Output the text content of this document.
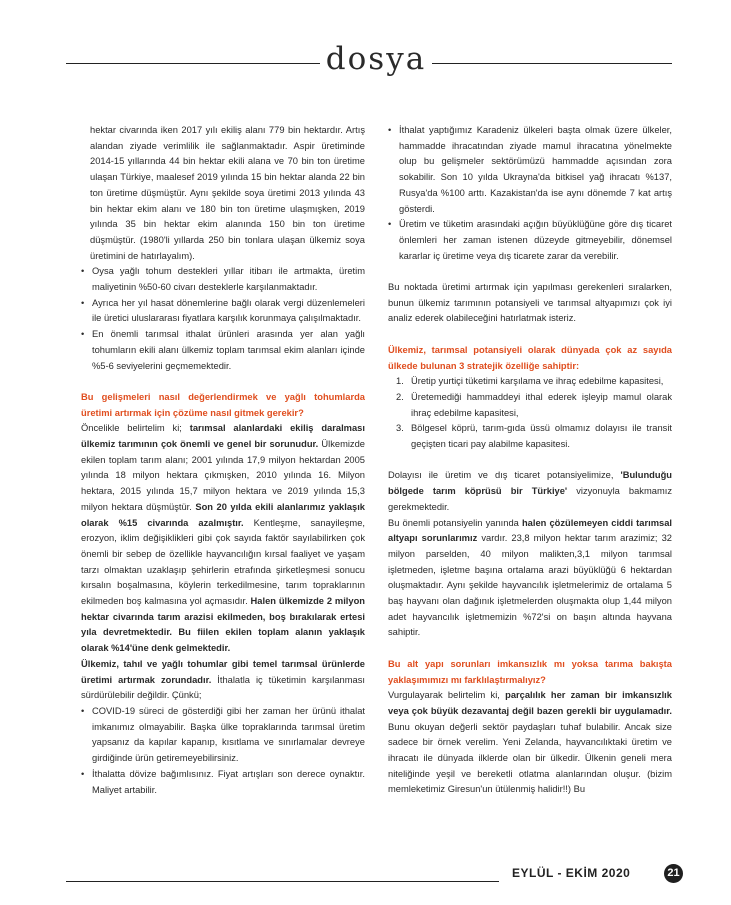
dosya

hektar civarında iken 2017 yılı ekiliş alanı 779 bin hektardır. Artış alandan ziyade verimlilik ile sağlanmaktadır. Aspir üretiminde 2014-15 yıllarında 44 bin hektar ekili alana ve 70 bin ton üretime ulaşan Türkiye, maalesef 2019 yılında 15 bin hektar alanda 22 bin ton üretime düşmüştür. Aynı şekilde soya üretimi 2013 yılında 43 bin hektar ekim alanı ve 180 bin ton üretime ulaşmışken, 2019 yılında 35 bin hektar ekim alanında 150 bin ton üretime düşmüştür. (1980'li yıllarda 250 bin tonlara ulaşan ülkemiz soya üretimini de hatırlayalım).

• Oysa yağlı tohum destekleri yıllar itibarı ile artmakta, üretim maliyetinin %50-60 civarı desteklerle karşılanmaktadır.
• Ayrıca her yıl hasat dönemlerine bağlı olarak vergi düzenlemeleri ile üretici uluslararası fiyatlara karşılık korunmaya çalışılmaktadır.
• En önemli tarımsal ithalat ürünleri arasında yer alan yağlı tohumların ekili alanı ülkemiz toplam tarımsal ekim alanları içinde %5-6 seviyelerini geçmemektedir.

Bu gelişmeleri nasıl değerlendirmek ve yağlı tohumlarda üretimi artırmak için çözüme nasıl gitmek gerekir?

Öncelikle belirtelim ki; tarımsal alanlardaki ekiliş daralması ülkemiz tarımının çok önemli ve genel bir sorunudur. Ülkemizde ekilen toplam tarım alanı; 2001 yılında 17,9 milyon hektardan 2005 yılında 18 milyon hektara çıkmışken, 2010 yılında 16. Milyon hektara, 2015 yılında 15,7 milyon hektara ve 2019 yılında 15,3 milyon hektara düşmüştür. Son 20 yılda ekili alanlarımız yaklaşık olarak %15 civarında azalmıştır. Kentleşme, sanayileşme, erozyon, iklim değişiklikleri gibi çok sayıda faktör sayılabilirken çok önemli bir sebep de özellikle hayvancılığın kırsal faaliyet ve yaşam tarzı olmaktan uzaklaşıp şehirlerin etrafında şirketleşmesi sonucu kırsalın boşalmasına, köylerin terkedilmesine, tarım topraklarının ekilmeden boş kalmasına yol açmasıdır. Halen ülkemizde 2 milyon hektar civarında tarım arazisi ekilmeden, boş bırakılarak ertesi yıla devretmektedir. Bu fiilen ekilen toplam alanın yaklaşık olarak %14'üne denk gelmektedir.

Ülkemiz, tahıl ve yağlı tohumlar gibi temel tarımsal ürünlerde üretimi artırmak zorundadır. İthalatla iç tüketimin karşılanması sürdürülebilir değildir. Çünkü;

• COVID-19 süreci de gösterdiği gibi her zaman her ürünü ithalat imkanımız olmayabilir. Başka ülke topraklarında tarımsal üretim yapsanız da kapılar kapanıp, kısıtlama ve sınırlamalar devreye girdiğinde ürün getiremeyebilirsiniz.
• İthalatta dövize bağımlısınız. Fiyat artışları son derece oynaktır. Maliyet artabilir.
• İthalat yaptığımız Karadeniz ülkeleri başta olmak üzere ülkeler, hammadde ihracatından ziyade mamul ihracatına yönelmekte olup bu gelişmeler sektörümüzü hammadde açısından zora sokabilir. Son 10 yılda Ukrayna'da bitkisel yağ ihracatı %137, Rusya'da %100 arttı. Kazakistan'da ise aynı dönemde 7 kat artış gösterdi.
• Üretim ve tüketim arasındaki açığın büyüklüğüne göre dış ticaret önlemleri her zaman istenen düzeyde gitmeyebilir, dönemsel kararlar iç üretime veya dış ticarete zarar da verebilir.

Bu noktada üretimi artırmak için yapılması gerekenleri sıralarken, bunun ülkemiz tarımının potansiyeli ve tarımsal altyapımızı çok iyi analiz ederek olabileceğini hatırlatmak isteriz.

Ülkemiz, tarımsal potansiyeli olarak dünyada çok az sayıda ülkede bulunan 3 stratejik özelliğe sahiptir:

1. Üretip yurtiçi tüketimi karşılama ve ihraç edebilme kapasitesi,
2. Üretemediği hammaddeyi ithal ederek işleyip mamul olarak ihraç edebilme kapasitesi,
3. Bölgesel köprü, tarım-gıda üssü olmamız dolayısı ile transit geçişten ticari pay alabilme kapasitesi.

Dolayısı ile üretim ve dış ticaret potansiyelimize, 'Bulunduğu bölgede tarım köprüsü bir Türkiye' vizyonuyla bakmamız gerekmektedir.

Bu önemli potansiyelin yanında halen çözülemeyen ciddi tarımsal altyapı sorunlarımız vardır. 23,8 milyon hektar tarım arazimiz; 32 milyon parselden, 40 milyon malikten,3,1 milyon tarımsal işletmeden, işletme başına ortalama arazi büyüklüğü 6 hektardan oluşmaktadır. Aynı şekilde hayvancılık işletmelerimiz de ortalama 5 baş hayvanı olan dağınık işletmelerden oluşmakta olup 1,44 milyon adet hayvancılık işletmemizin %72'si on başın altında hayvana sahiptir.

Bu alt yapı sorunları imkansızlık mı yoksa tarıma bakışta yaklaşımımızı mı farklılaştırmalıyız?

Vurgulayarak belirtelim ki, parçalılık her zaman bir imkansızlık veya çok büyük dezavantaj değil bazen gerekli bir uygulamadır. Bunu okuyan değerli sektör paydaşları tuhaf bulabilir. Ancak size sadece bir örnek verelim. Yeni Zelanda, hayvancılıktaki üretim ve ihracatı ile dünyada ilklerde olan bir ülkedir. Ülkenin geneli mera niteliğinde yeşil ve bereketli otlatma alanlarından oluşur. (bizim memleketimiz Giresun'un ütülenmiş halidir!!) Bu

EYLÜL - EKİM 2020	21
